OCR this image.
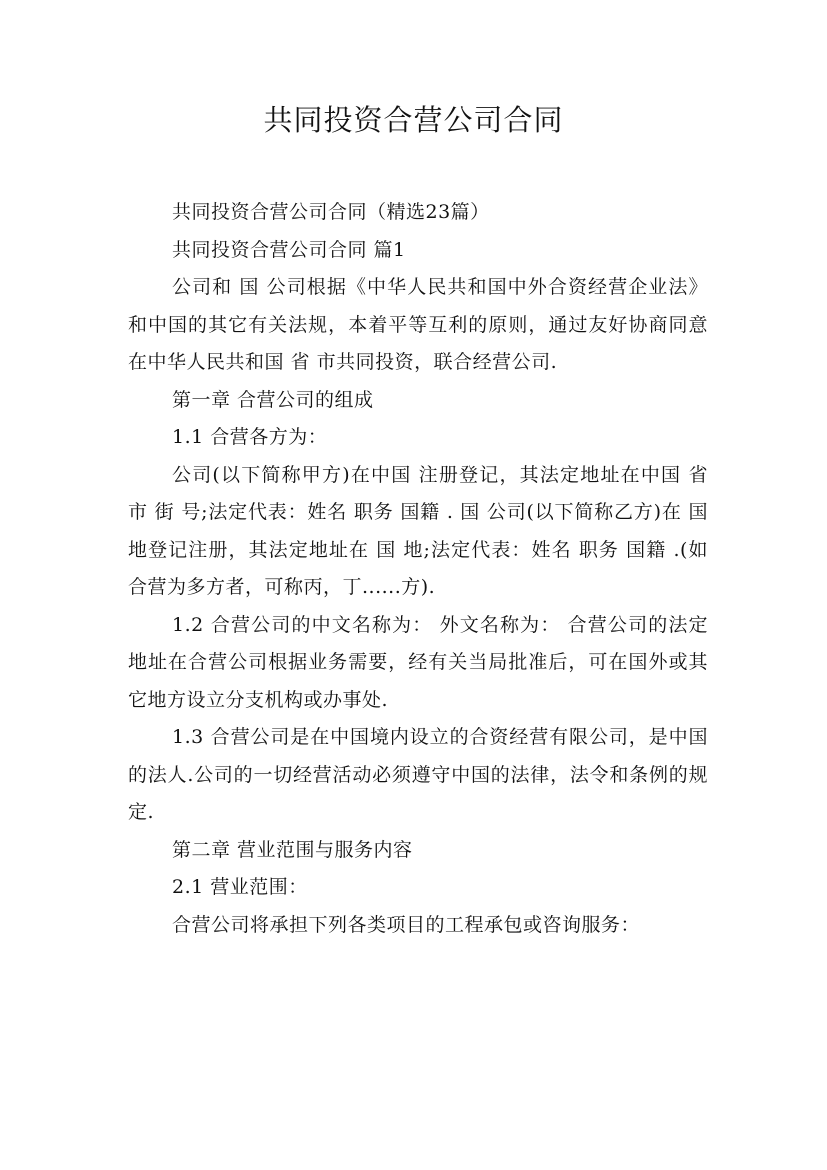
共同投资合营公司合同

共同投资合营公司合同（精选23篇）

共同投资合营公司合同 篇1

公司和 国 公司根据《中华人民共和国中外合资经营企业法》和中国的其它有关法规，本着平等互利的原则，通过友好协商同意在中华人民共和国 省 市共同投资，联合经营公司.

第一章 合营公司的组成

1.1 合营各方为：

公司(以下简称甲方)在中国 注册登记，其法定地址在中国 省 市 街 号;法定代表：姓名 职务 国籍 . 国 公司(以下简称乙方)在 国 地登记注册，其法定地址在 国 地;法定代表：姓名 职务 国籍 .(如合营为多方者，可称丙，丁......方).

1.2 合营公司的中文名称为： 外文名称为： 合营公司的法定地址在合营公司根据业务需要，经有关当局批准后，可在国外或其它地方设立分支机构或办事处.

1.3 合营公司是在中国境内设立的合资经营有限公司，是中国的法人.公司的一切经营活动必须遵守中国的法律，法令和条例的规定.

第二章 营业范围与服务内容

2.1 营业范围：

合营公司将承担下列各类项目的工程承包或咨询服务：
